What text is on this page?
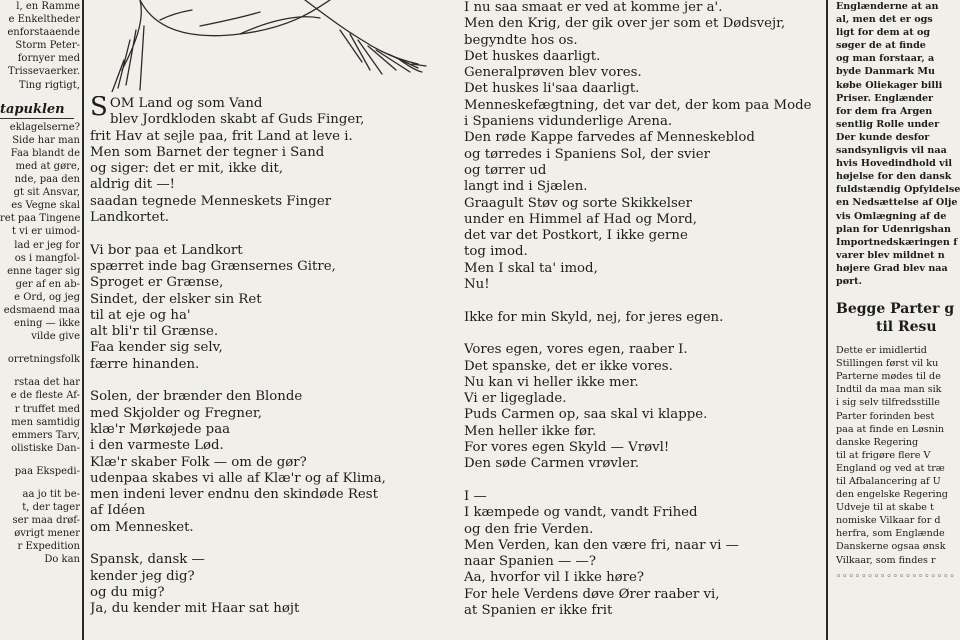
l, en Ramme
e Enkeltheder
enforstaaende
Storm Peter-
fornyer med
Trissevaerker.
Ting rigtigt,
tapuklen
eklagelserne?
Side har man
Faa blandt de
med at gøre,
nde, paa den
gt sit Ansvar,
es Vegne skal
ret paa Tingene
t vi er uimod-
lad er jeg for
os i mangfol-
enne tager sig
ger af en ab-
e Ord, og jeg
edsmaend maa
ening — ikke
vilde give
orretningsfolk
rstaa det har
e de fleste Af-
r truffet med
men samtidig
emmers Tarv,
olistiske Dan-
paa Ekspedi-
aa jo tit be-
t, der tager
ser maa drøf-
øvrigt mener
r Expedition
Do kan
SOM Land og som Vand
blev Jordkloden skabt af Guds Finger,
frit Hav at sejle paa, frit Land at leve i.
Men som Barnet der tegner i Sand
og siger: det er mit, ikke dit,
aldrig dit —!
saadan tegnede Menneskets Finger
Landkortet.
Vi bor paa et Landkort
spærret inde bag Grænsernes Gitre,
Sproget er Grænse,
Sindet, der elsker sin Ret
til at eje og ha'
alt bli'r til Grænse.
Faa kender sig selv,
færre hinanden.
Solen, der brænder den Blonde
med Skjolder og Fregner,
klæ'r Mørkøjede paa
i den varmeste Lød.
Klæ'r skaber Folk — om de gør?
udenpaa skabes vi alle af Klæ'r og af Klima,
men indeni lever endnu den skindøde Rest
af Idéen
om Mennesket.
Spansk, dansk —
kender jeg dig?
og du mig?
Ja, du kender mit Haar sat højt
I nu saa smaat er ved at komme jer a'.
Men den Krig, der gik over jer som et Dødsvejr,
begyndte hos os.
Det huskes daarligt.
Generalprøven blev vores.
Det huskes li'saa daarligt.
Menneskefægtning, det var det, der kom paa Mode
i Spaniens vidunderlige Arena.
Den røde Kappe farvedes af Menneskeblod
og tørredes i Spaniens Sol, der svier
og tørrer ud
langt ind i Sjælen.
Graagult Støv og sorte Skikkelser
under en Himmel af Had og Mord,
det var det Postkort, I ikke gerne
tog imod.
Men I skal ta' imod,
Nu!
Ikke for min Skyld, nej, for jeres egen.
Vores egen, vores egen, raaber I.
Det spanske, det er ikke vores.
Nu kan vi heller ikke mer.
Vi er ligeglade.
Puds Carmen op, saa skal vi klappe.
Men heller ikke før.
For vores egen Skyld — Vrøvl!
Den søde Carmen vrøvler.
I —
I kæmpede og vandt, vandt Frihed
og den frie Verden.
Men Verden, kan den være fri, naar vi —
naar Spanien — —?
Aa, hvorfor vil I ikke høre?
For hele Verdens døve Ører raaber vi,
at Spanien er ikke frit
Englænderne at an
al, men det er ogs
ligt for dem at og
søger de at finde
og man forstaar, a
byde Danmark Mu
købe Oliekager billi
Priser. Englænder
for dem fra Argen
sentlig Rolle under
Der kunde desfor
sandsynligvis vil naa
hvis Hovedindhold vil
højelse for den dansk
fuldstændig Opfyldelse
en Nedsættelse af Olje
vis Omlægning af de
plan for Udenrigshan
Importnedskæringen f
varer blev mildnet n
højere Grad blev naa
pørt.
Begge Parter g
til Resu
Dette er imidlertid
Stillingen først vil ku
Parterne mødes til de
Indtil da maa man sik
i sig selv tilfredsstille
Parter forinden best
paa at finde en Løsnin
danske Regering
til at frigøre flere V
England og ved at træ
til Afbalancering af U
den engelske Regering
Udveje til at skabe t
nomiske Vilkaar for d
herfra, som Englænde
Danskerne ogsaa ønsk
Vilkaar, som findes r
◦◦◦◦◦◦◦◦◦◦◦◦◦◦◦◦◦◦◦
